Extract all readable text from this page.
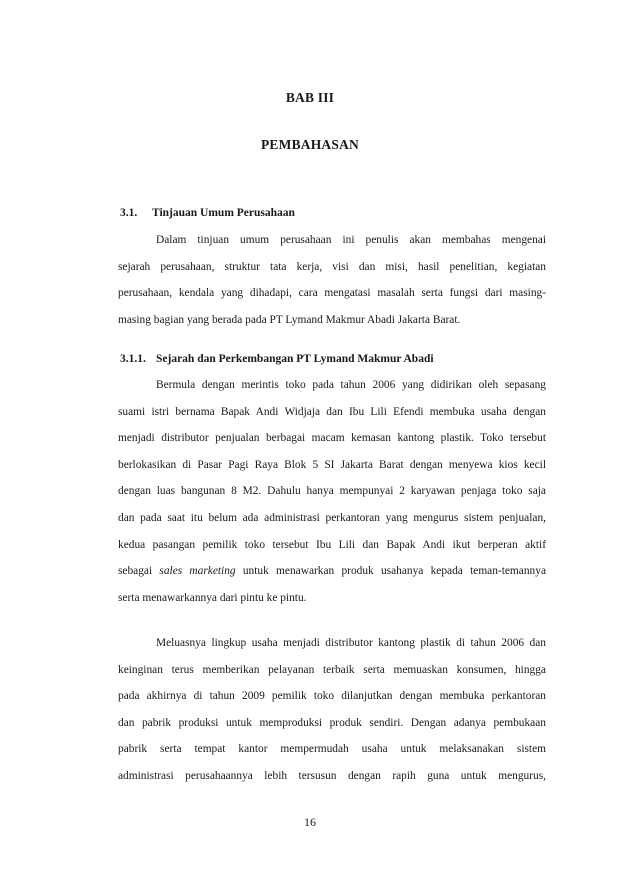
BAB III
PEMBAHASAN
3.1. Tinjauan Umum Perusahaan
Dalam tinjuan umum perusahaan ini penulis akan membahas mengenai
sejarah perusahaan, struktur tata kerja, visi dan misi, hasil penelitian, kegiatan
perusahaan, kendala yang dihadapi, cara mengatasi masalah serta fungsi dari masing-
masing bagian yang berada pada PT Lymand Makmur Abadi Jakarta Barat.
3.1.1. Sejarah dan Perkembangan PT Lymand Makmur Abadi
Bermula dengan merintis toko pada tahun 2006 yang didirikan oleh sepasang
suami istri bernama Bapak Andi Widjaja dan Ibu Lili Efendi membuka usaha dengan
menjadi distributor penjualan berbagai macam kemasan kantong plastik. Toko tersebut
berlokasikan di Pasar Pagi Raya Blok 5 SI Jakarta Barat dengan menyewa kios kecil
dengan luas bangunan 8 M2. Dahulu hanya mempunyai 2 karyawan penjaga toko saja
dan pada saat itu belum ada administrasi perkantoran yang mengurus sistem penjualan,
kedua pasangan pemilik toko tersebut Ibu Lili dan Bapak Andi ikut berperan aktif
sebagai sales marketing untuk menawarkan produk usahanya kepada teman-temannya
serta menawarkannya dari pintu ke pintu.
Meluasnya lingkup usaha menjadi distributor kantong plastik di tahun 2006 dan
keinginan terus memberikan pelayanan terbaik serta memuaskan konsumen, hingga
pada akhirnya di tahun 2009 pemilik toko dilanjutkan dengan membuka perkantoran
dan pabrik produksi untuk memproduksi produk sendiri. Dengan adanya pembukaan
pabrik serta tempat kantor mempermudah usaha untuk melaksanakan sistem
administrasi perusahaannya lebih tersusun dengan rapih guna untuk mengurus,
16
